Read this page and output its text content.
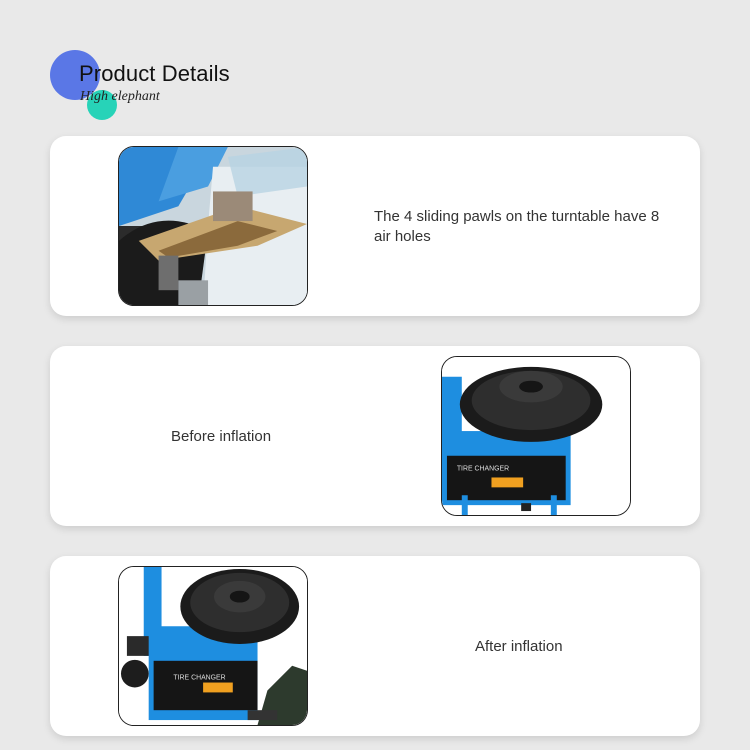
Product Details
High elephant
The 4 sliding pawls on the turntable have 8 air holes
Before inflation
TIRE CHANGER
TIRE CHANGER
After inflation
